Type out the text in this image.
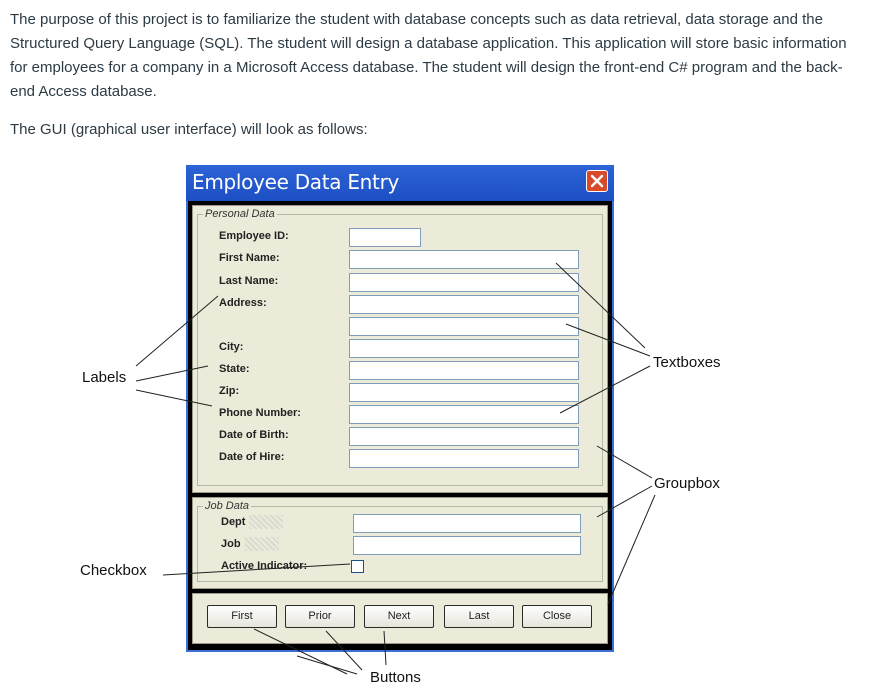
The purpose of this project is to familiarize the student with database concepts such as data retrieval, data storage and the Structured Query Language (SQL). The student will design a database application. This application will store basic information for employees for a company in a Microsoft Access database. The student will design the front-end C# program and the back-end Access database.

The GUI (graphical user interface) will look as follows:

Employee Data Entry
Personal Data
Employee ID:
First Name:
Last Name:
Address:
City:
State:
Zip:
Phone Number:
Date of Birth:
Date of Hire:
Job Data
Dept
Job
Active Indicator:
First	Prior	Next	Last	Close
Labels
Textboxes
Groupbox
Checkbox
Buttons
